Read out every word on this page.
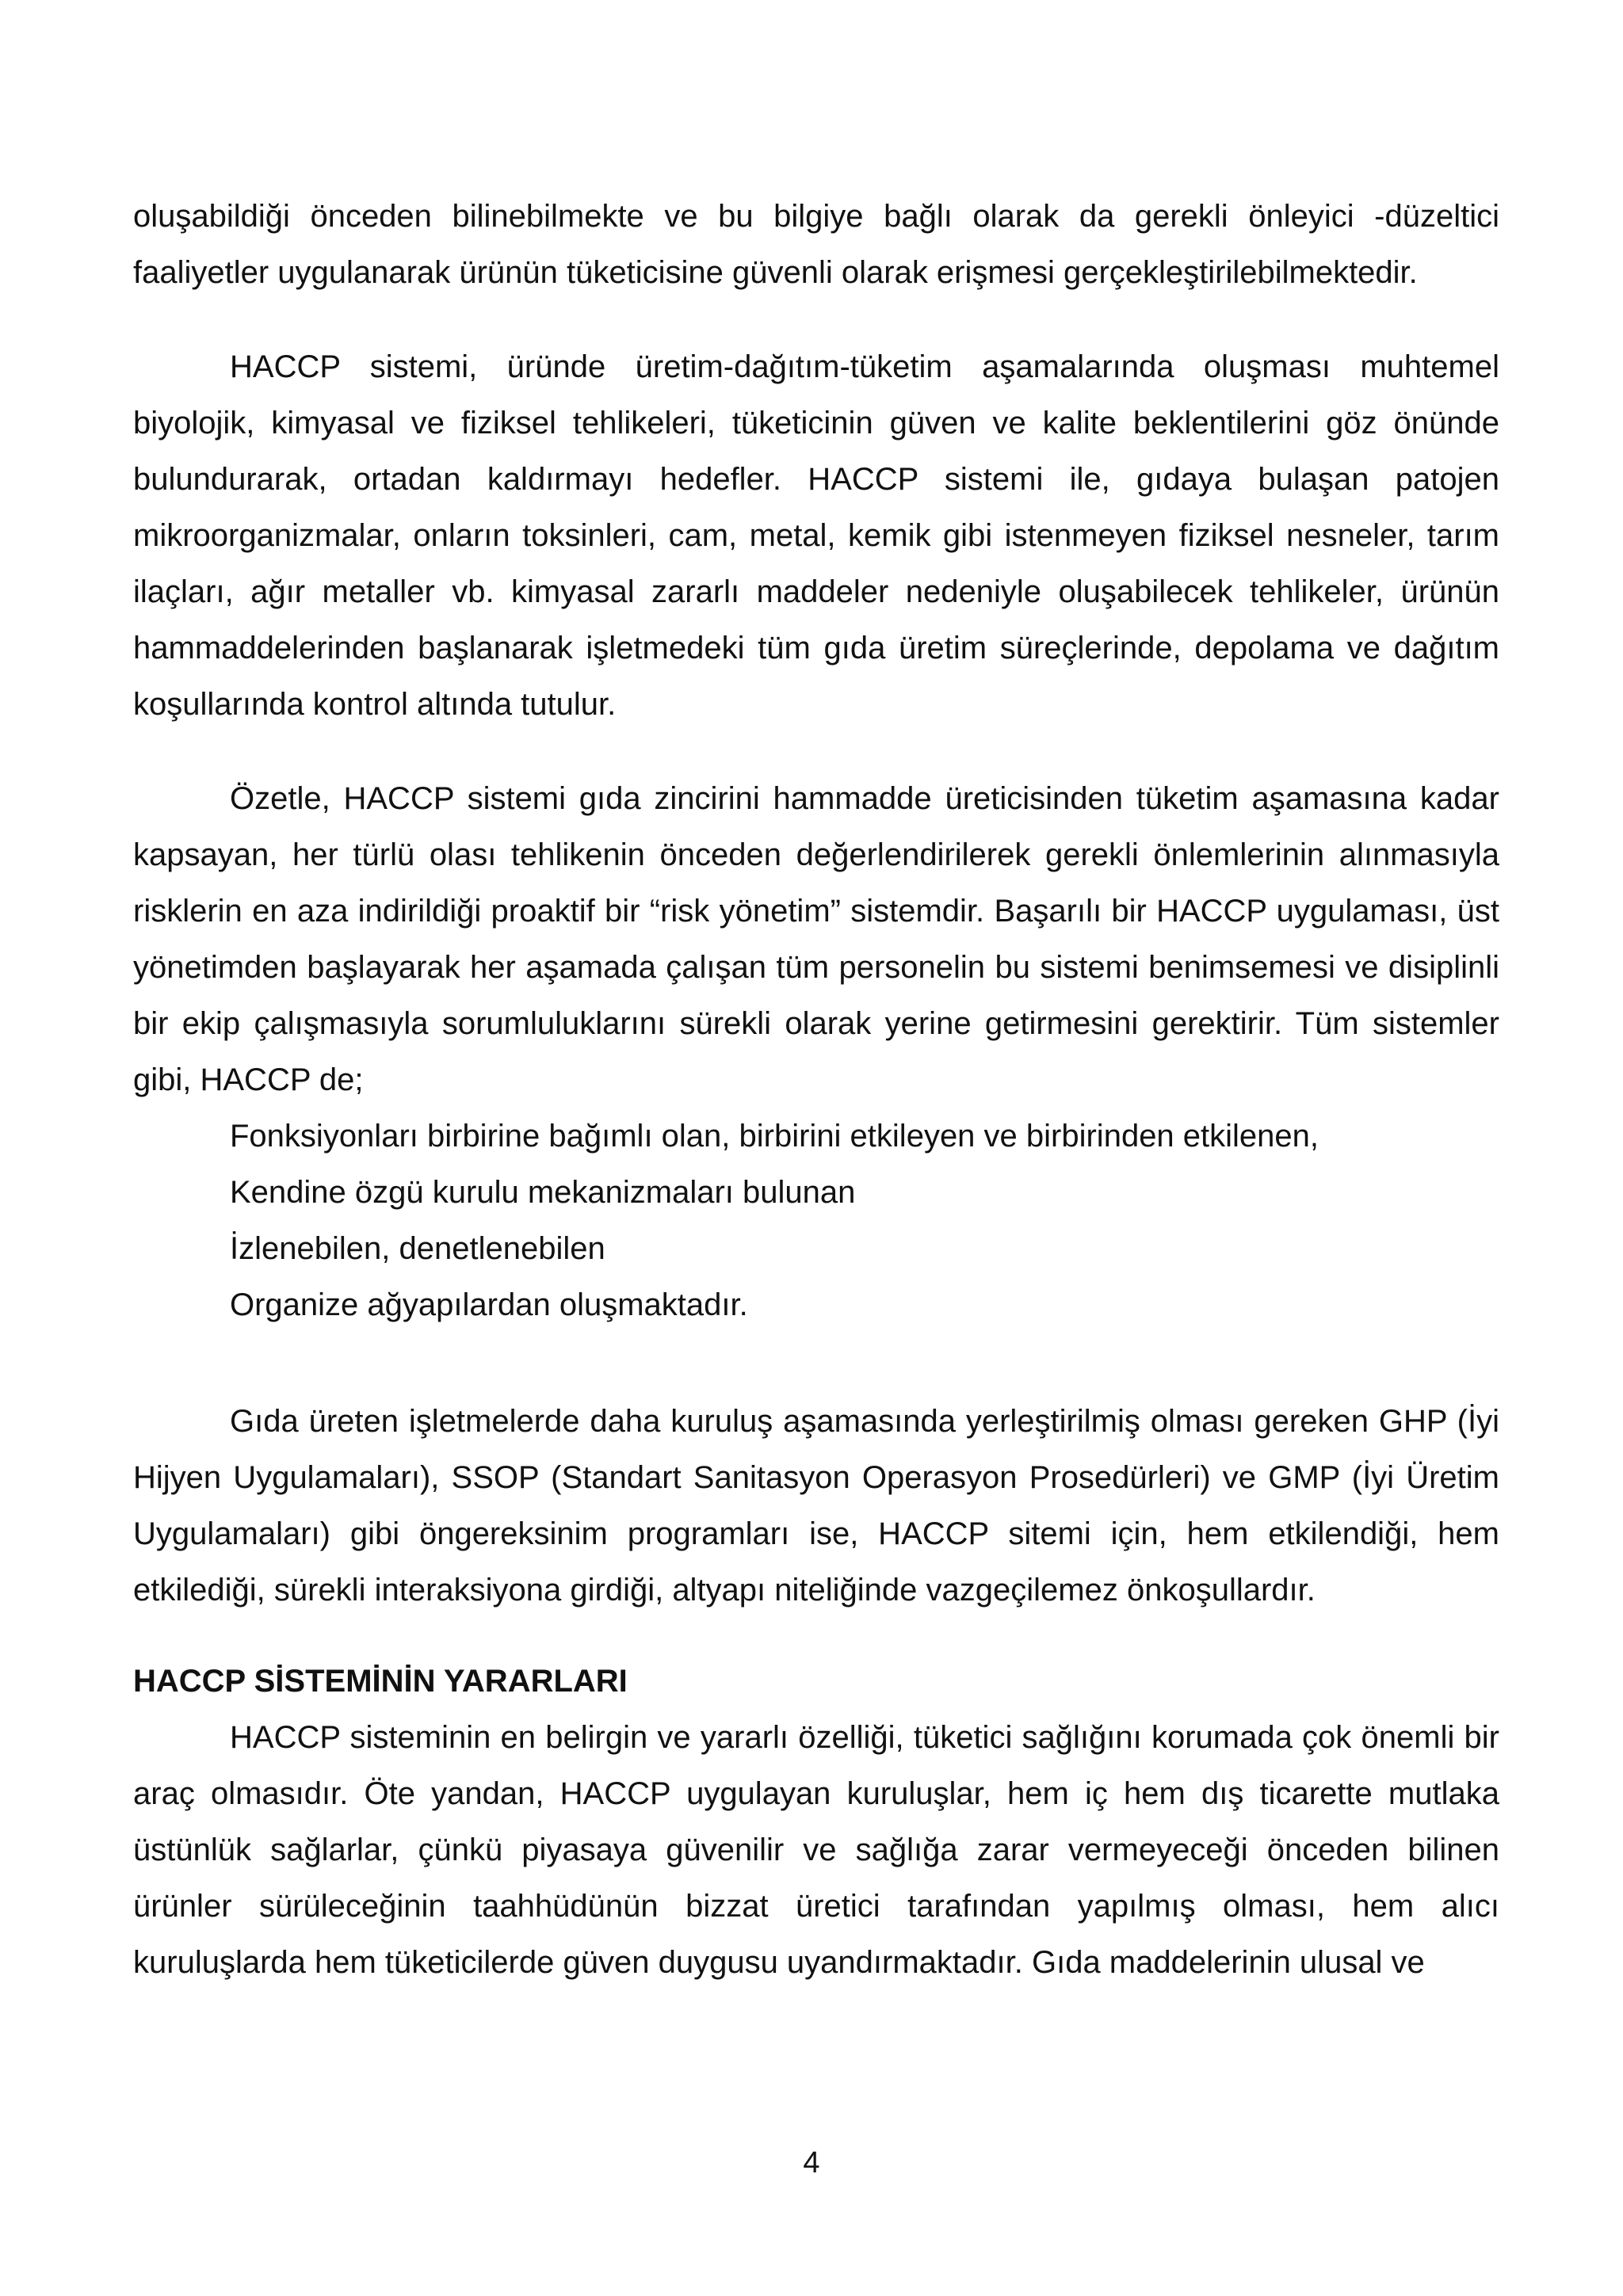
oluşabildiği önceden bilinebilmekte ve bu bilgiye bağlı olarak da gerekli önleyici -düzeltici faaliyetler uygulanarak ürünün tüketicisine güvenli olarak erişmesi gerçekleştirilebilmektedir.

HACCP sistemi, üründe üretim-dağıtım-tüketim aşamalarında oluşması muhtemel biyolojik, kimyasal ve fiziksel tehlikeleri, tüketicinin güven ve kalite beklentilerini göz önünde bulundurarak, ortadan kaldırmayı hedefler. HACCP sistemi ile, gıdaya bulaşan patojen mikroorganizmalar, onların toksinleri, cam, metal, kemik gibi istenmeyen fiziksel nesneler, tarım ilaçları, ağır metaller vb. kimyasal zararlı maddeler nedeniyle oluşabilecek tehlikeler, ürünün hammaddelerinden başlanarak işletmedeki tüm gıda üretim süreçlerinde, depolama ve dağıtım koşullarında kontrol altında tutulur.

Özetle, HACCP sistemi gıda zincirini hammadde üreticisinden tüketim aşamasına kadar kapsayan, her türlü olası tehlikenin önceden değerlendirilerek gerekli önlemlerinin alınmasıyla risklerin en aza indirildiği proaktif bir “risk yönetim” sistemdir. Başarılı bir HACCP uygulaması, üst yönetimden başlayarak her aşamada çalışan tüm personelin bu sistemi benimsemesi ve disiplinli bir ekip çalışmasıyla sorumluluklarını sürekli olarak yerine getirmesini gerektirir. Tüm sistemler gibi, HACCP de;

Fonksiyonları birbirine bağımlı olan, birbirini etkileyen ve birbirinden etkilenen,
Kendine özgü kurulu mekanizmaları bulunan
İzlenebilen, denetlenebilen
Organize ağyapılardan oluşmaktadır.

Gıda üreten işletmelerde daha kuruluş aşamasında yerleştirilmiş olması gereken GHP (İyi Hijyen Uygulamaları), SSOP (Standart Sanitasyon Operasyon Prosedürleri) ve GMP (İyi Üretim Uygulamaları) gibi öngereksinim programları ise, HACCP sitemi için, hem etkilendiği, hem etkilediği, sürekli interaksiyona girdiği, altyapı niteliğinde vazgeçilemez önkoşullardır.

HACCP SİSTEMİNİN YARARLARI

HACCP sisteminin en belirgin ve yararlı özelliği, tüketici sağlığını korumada çok önemli bir araç olmasıdır. Öte yandan, HACCP uygulayan kuruluşlar, hem iç hem dış ticarette mutlaka üstünlük sağlarlar, çünkü piyasaya güvenilir ve sağlığa zarar vermeyeceği önceden bilinen ürünler sürüleceğinin taahhüdünün bizzat üretici tarafından yapılmış olması, hem alıcı kuruluşlarda hem tüketicilerde güven duygusu uyandırmaktadır. Gıda maddelerinin ulusal ve

4
